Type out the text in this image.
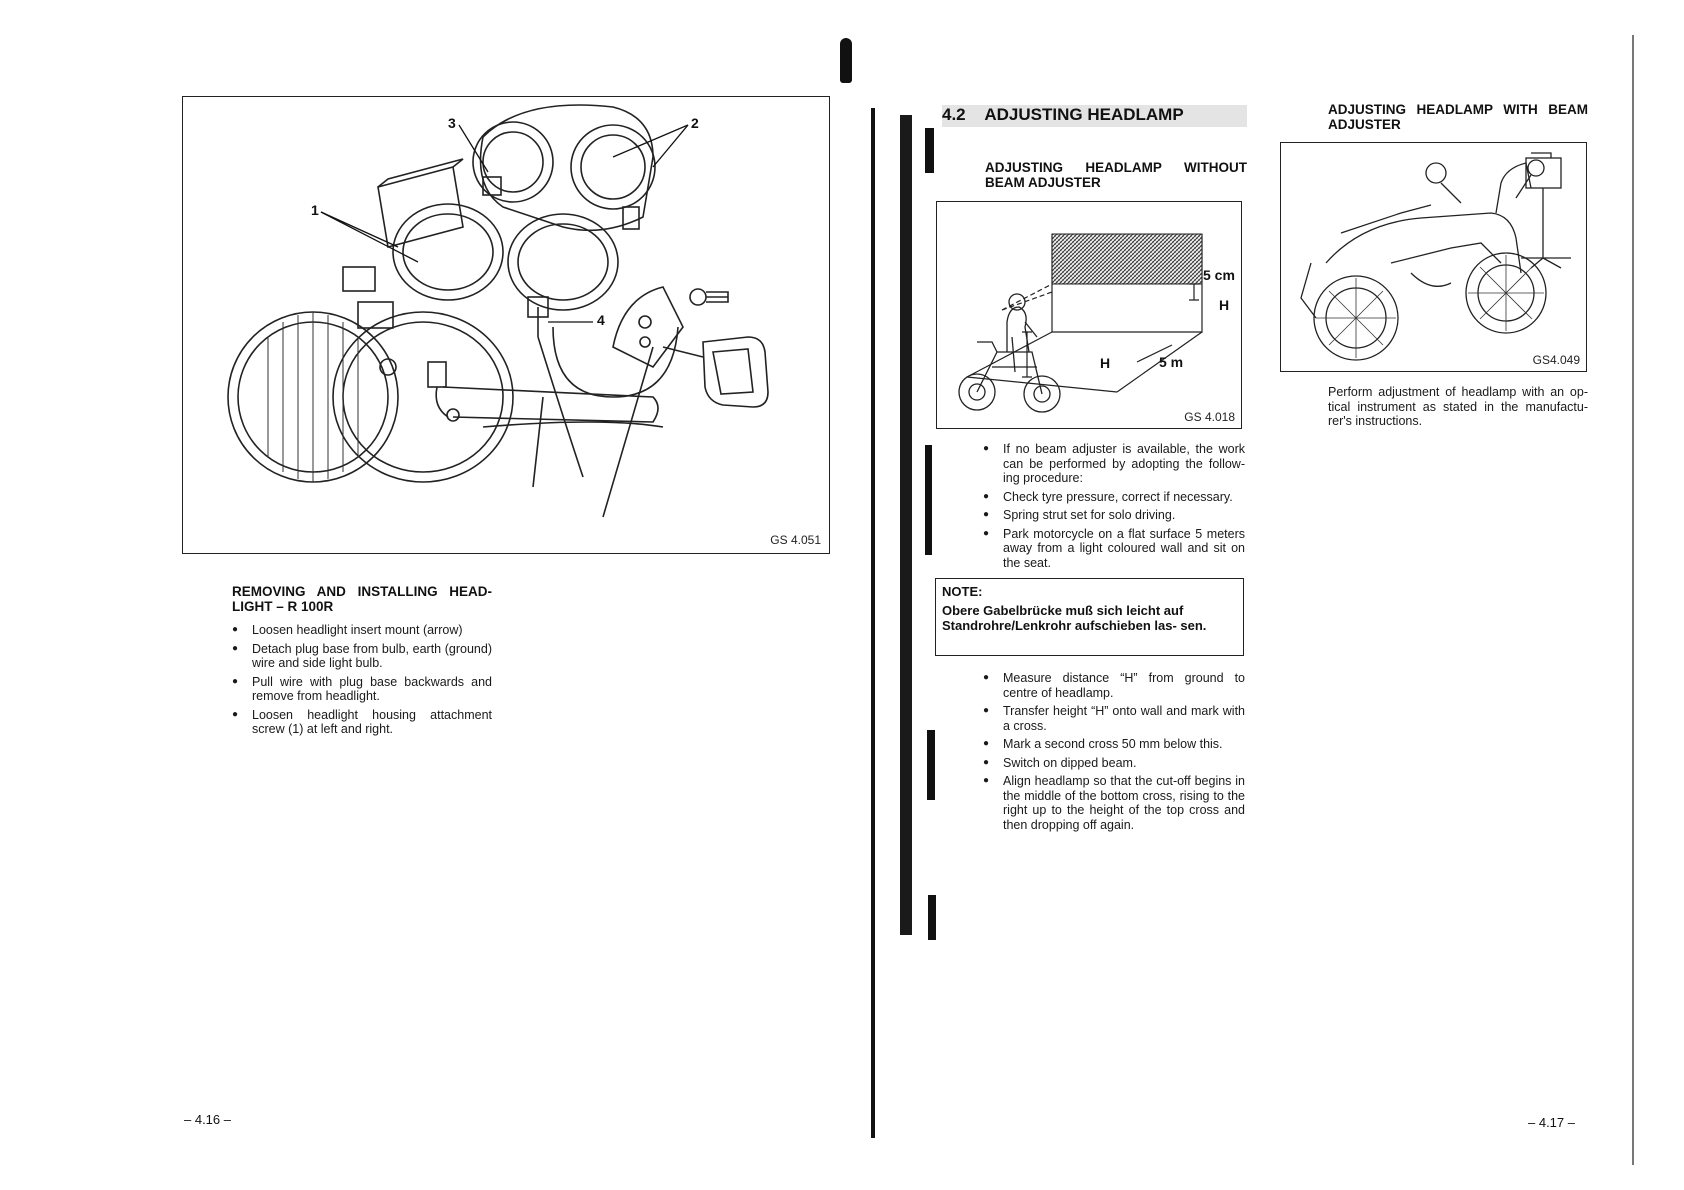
1
2
3
4
GS 4.051
REMOVING AND INSTALLING HEAD- LIGHT – R 100R
● Loosen headlight insert mount (arrow)
● Detach plug base from bulb, earth (ground) wire and side light bulb.
● Pull wire with plug base backwards and remove from headlight.
● Loosen headlight housing attachment screw (1) at left and right.
– 4.16 –
4.2 ADJUSTING HEADLAMP
ADJUSTING HEADLAMP WITHOUT BEAM ADJUSTER
5 cm
H
H	5 m
GS 4.018
● If no beam adjuster is available, the work can be performed by adopting the follow- ing procedure:
● Check tyre pressure, correct if necessary.
● Spring strut set for solo driving.
● Park motorcycle on a flat surface 5 meters away from a light coloured wall and sit on the seat.
NOTE:
Obere Gabelbrücke muß sich leicht auf Standrohre/Lenkrohr aufschieben las- sen.
● Measure distance “H” from ground to centre of headlamp.
● Transfer height “H” onto wall and mark with a cross.
● Mark a second cross 50 mm below this.
● Switch on dipped beam.
● Align headlamp so that the cut-off begins in the middle of the bottom cross, rising to the right up to the height of the top cross and then dropping off again.
ADJUSTING HEADLAMP WITH BEAM ADJUSTER
GS4.049
Perform adjustment of headlamp with an op- tical instrument as stated in the manufactu- rer's instructions.
– 4.17 –
